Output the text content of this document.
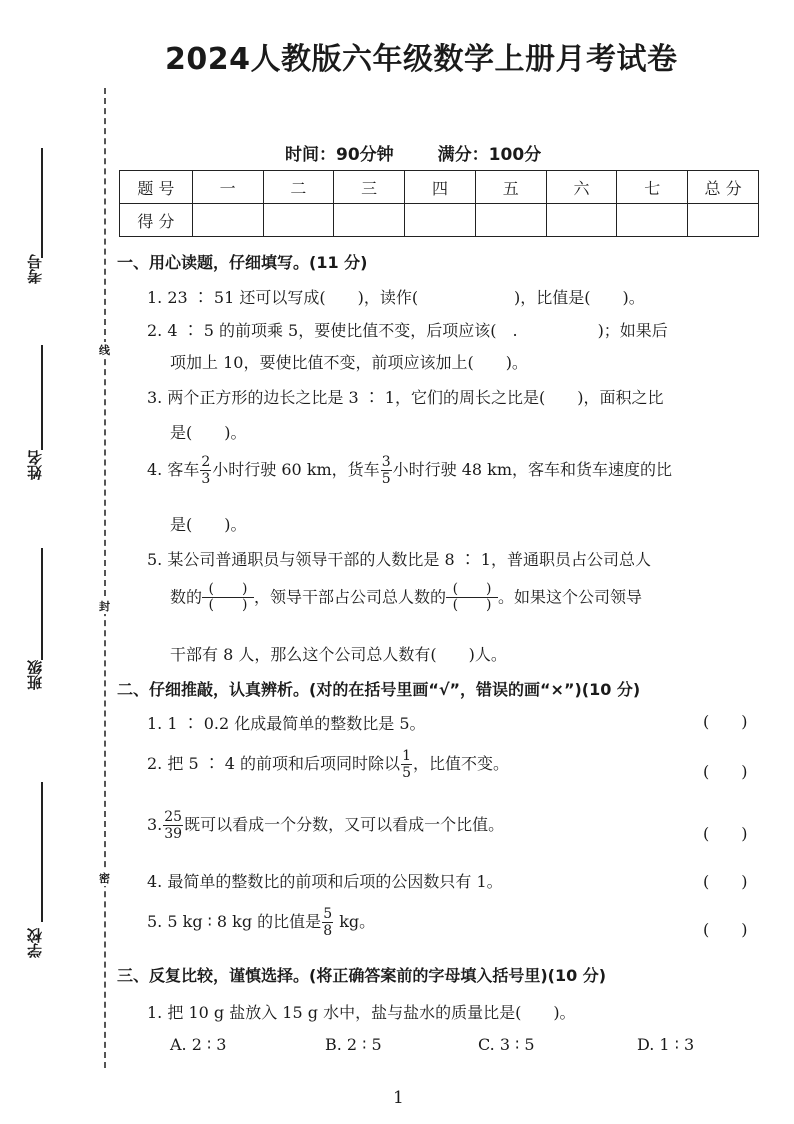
2024人教版六年级数学上册月考试卷
时间：90分钟	满分：100分
题 号	一	二	三	四	五	六	七	总 分
得 分								
考号
姓名
班级
学校
线
封
密
一、用心读题，仔细填写。(11 分)
1. 23 ∶ 51 还可以写成(　　)，读作(　　　　　　)，比值是(　　)。
2. 4 ∶ 5 的前项乘 5，要使比值不变，后项应该(　.　　　　　)；如果后
项加上 10，要使比值不变，前项应该加上(　　)。
3. 两个正方形的边长之比是 3 ∶ 1，它们的周长之比是(　　)，面积之比
是(　　)。
4. 客车 $\frac{2}{3}$ 小时行驶 60 km，货车 $\frac{3}{5}$ 小时行驶 48 km，客车和货车速度的比
是(　　)。
5. 某公司普通职员与领导干部的人数比是 8 ∶ 1，普通职员占公司总人
数的 $\frac{( )}{( )}$，领导干部占公司总人数的 $\frac{( )}{( )}$。如果这个公司领导
干部有 8 人，那么这个公司总人数有(　　)人。
二、仔细推敲，认真辨析。(对的在括号里画“√”，错误的画“×”)(10 分)
1. 1 ∶ 0.2 化成最简单的整数比是 5。	(　　)
2. 把 5 ∶ 4 的前项和后项同时除以 $\frac{1}{5}$ ，比值不变。	(　　)
3. $\frac{25}{39}$ 既可以看成一个分数，又可以看成一个比值。	(　　)
4. 最简单的整数比的前项和后项的公因数只有 1。	(　　)
5. 5 kg ∶ 8 kg 的比值是 $\frac{5}{8}$ kg。	(　　)
三、反复比较，谨慎选择。(将正确答案前的字母填入括号里)(10 分)
1. 把 10 g 盐放入 15 g 水中，盐与盐水的质量比是(　　)。
A. 2 ∶ 3	B. 2 ∶ 5	C. 3 ∶ 5	D. 1 ∶ 3
1
